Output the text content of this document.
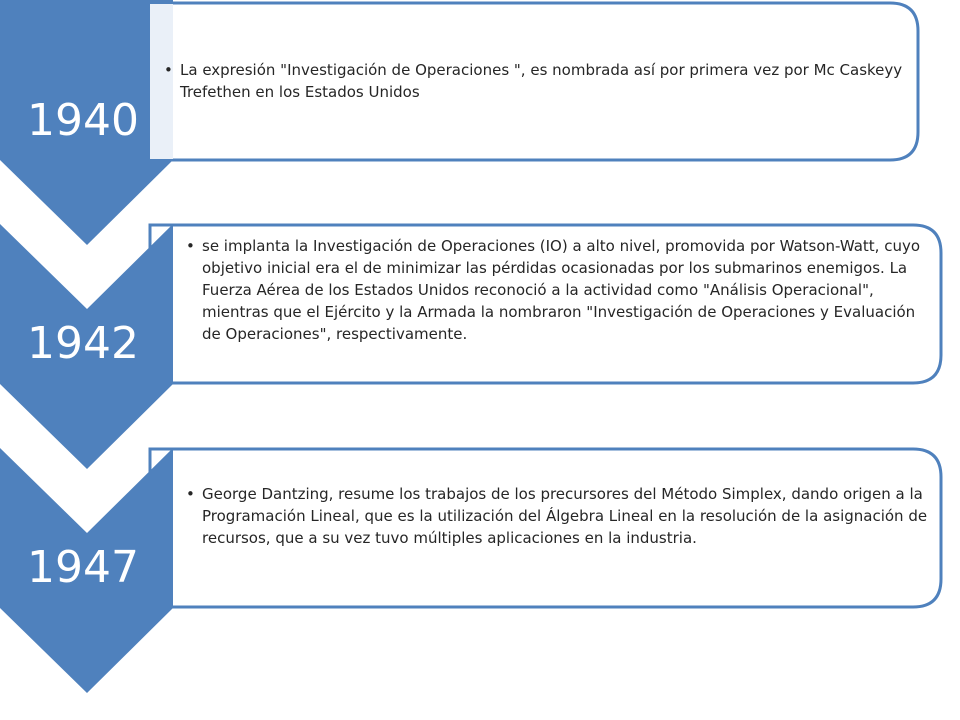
1940
1942
1947
• La expresión "Investigación de Operaciones ", es nombrada así por primera vez por Mc Caskeyy Trefethen en los Estados Unidos
• se implanta la Investigación de Operaciones (IO) a alto nivel, promovida por Watson-Watt, cuyo objetivo inicial era el de minimizar las pérdidas ocasionadas por los submarinos enemigos. La Fuerza Aérea de los Estados Unidos reconoció a la actividad como "Análisis Operacional", mientras que el Ejército y la Armada la nombraron "Investigación de Operaciones y Evaluación de Operaciones", respectivamente.
• George Dantzing, resume los trabajos de los precursores del Método Simplex, dando origen a la Programación Lineal, que es la utilización del Álgebra Lineal en la resolución de la asignación de recursos, que a su vez tuvo múltiples aplicaciones en la industria.
